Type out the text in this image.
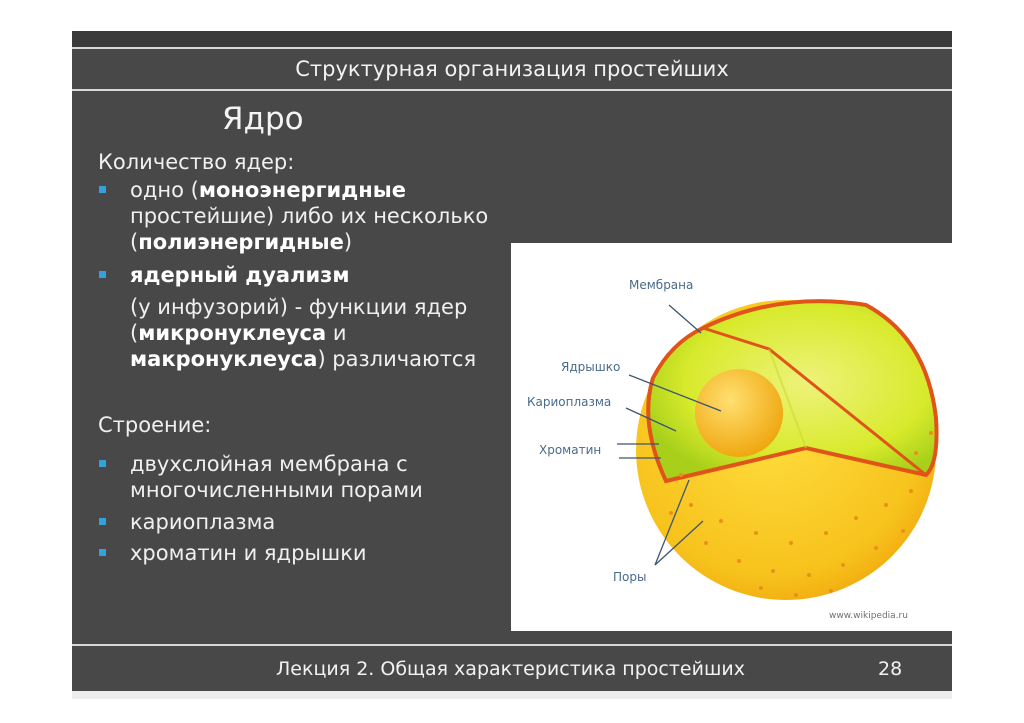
Структурная организация простейших
Ядро
Количество ядер:
одно (моноэнергидные
простейшие) либо их несколько
(полиэнергидные)
ядерный дуализм
(у инфузорий) - функции ядер
(микронуклеуса и
макронуклеуса) различаются
Строение:
двухслойная мембрана с
многочисленными порами
кариоплазма
хроматин и ядрышки
Лекция 2. Общая характеристика простейших	28
Мембрана
Ядрышко
Кариоплазма
Хроматин
Поры
www.wikipedia.ru
